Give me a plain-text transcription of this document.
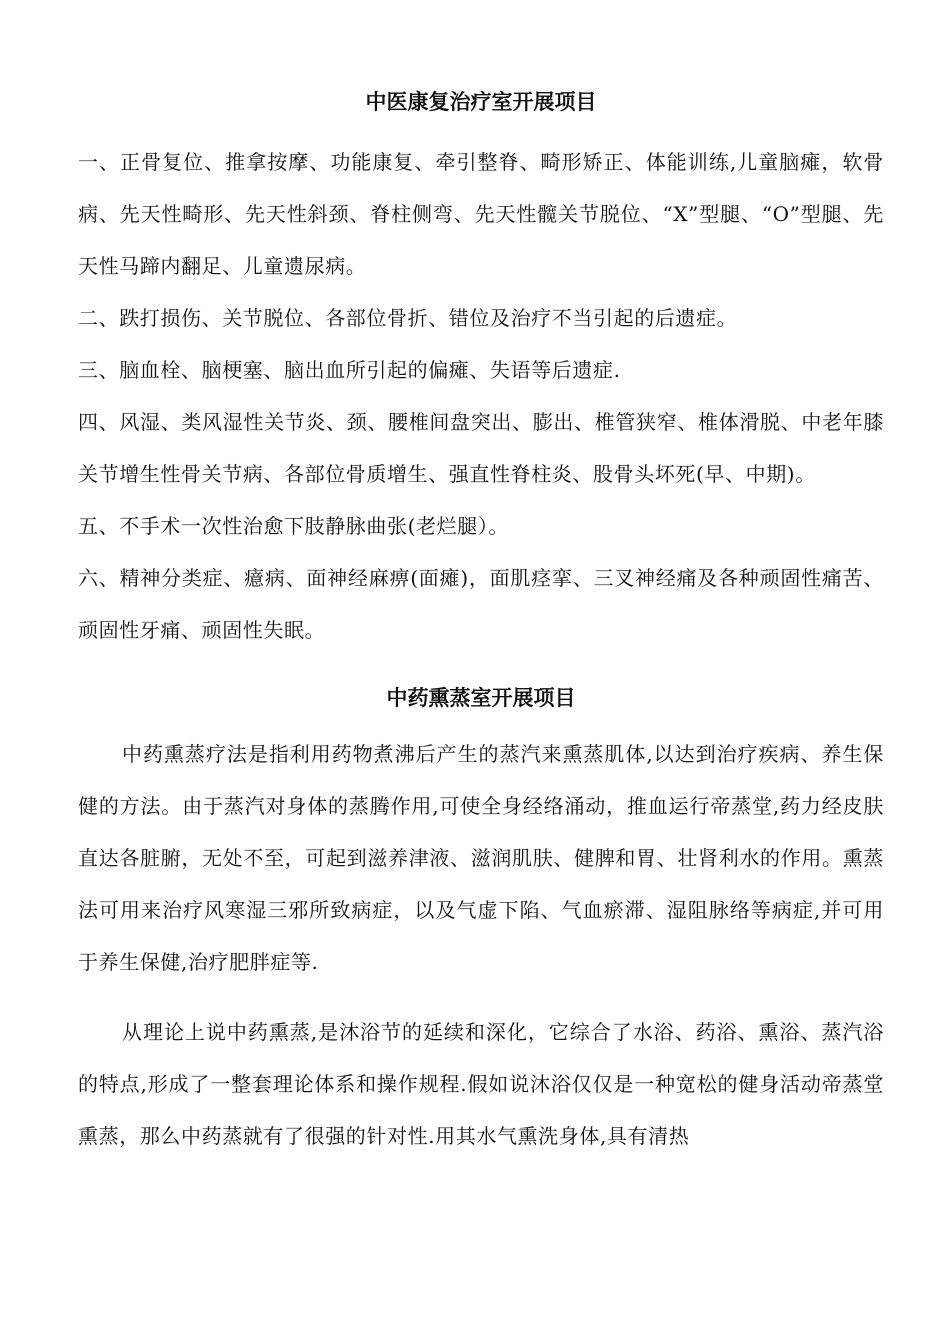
中医康复治疗室开展项目

一、正骨复位、推拿按摩、功能康复、牵引整脊、畸形矫正、体能训练,儿童脑瘫，软骨病、先天性畸形、先天性斜颈、脊柱侧弯、先天性髋关节脱位、“X”型腿、“O”型腿、先天性马蹄内翻足、儿童遗尿病。

二、跌打损伤、关节脱位、各部位骨折、错位及治疗不当引起的后遗症。

三、脑血栓、脑梗塞、脑出血所引起的偏瘫、失语等后遗症.

四、风湿、类风湿性关节炎、颈、腰椎间盘突出、膨出、椎管狭窄、椎体滑脱、中老年膝关节增生性骨关节病、各部位骨质增生、强直性脊柱炎、股骨头坏死(早、中期)。

五、不手术一次性治愈下肢静脉曲张(老烂腿）。

六、精神分类症、癔病、面神经麻痹(面瘫)，面肌痉挛、三叉神经痛及各种顽固性痛苦、顽固性牙痛、顽固性失眠。

中药熏蒸室开展项目

中药熏蒸疗法是指利用药物煮沸后产生的蒸汽来熏蒸肌体,以达到治疗疾病、养生保健的方法。由于蒸汽对身体的蒸腾作用,可使全身经络涌动，推血运行帝蒸堂,药力经皮肤直达各脏腑，无处不至，可起到滋养津液、滋润肌肤、健脾和胃、壮肾利水的作用。熏蒸法可用来治疗风寒湿三邪所致病症，以及气虚下陷、气血瘀滞、湿阻脉络等病症,并可用于养生保健,治疗肥胖症等.

从理论上说中药熏蒸,是沐浴节的延续和深化，它综合了水浴、药浴、熏浴、蒸汽浴的特点,形成了一整套理论体系和操作规程.假如说沐浴仅仅是一种宽松的健身活动帝蒸堂熏蒸，那么中药蒸就有了很强的针对性.用其水气熏洗身体,具有清热
